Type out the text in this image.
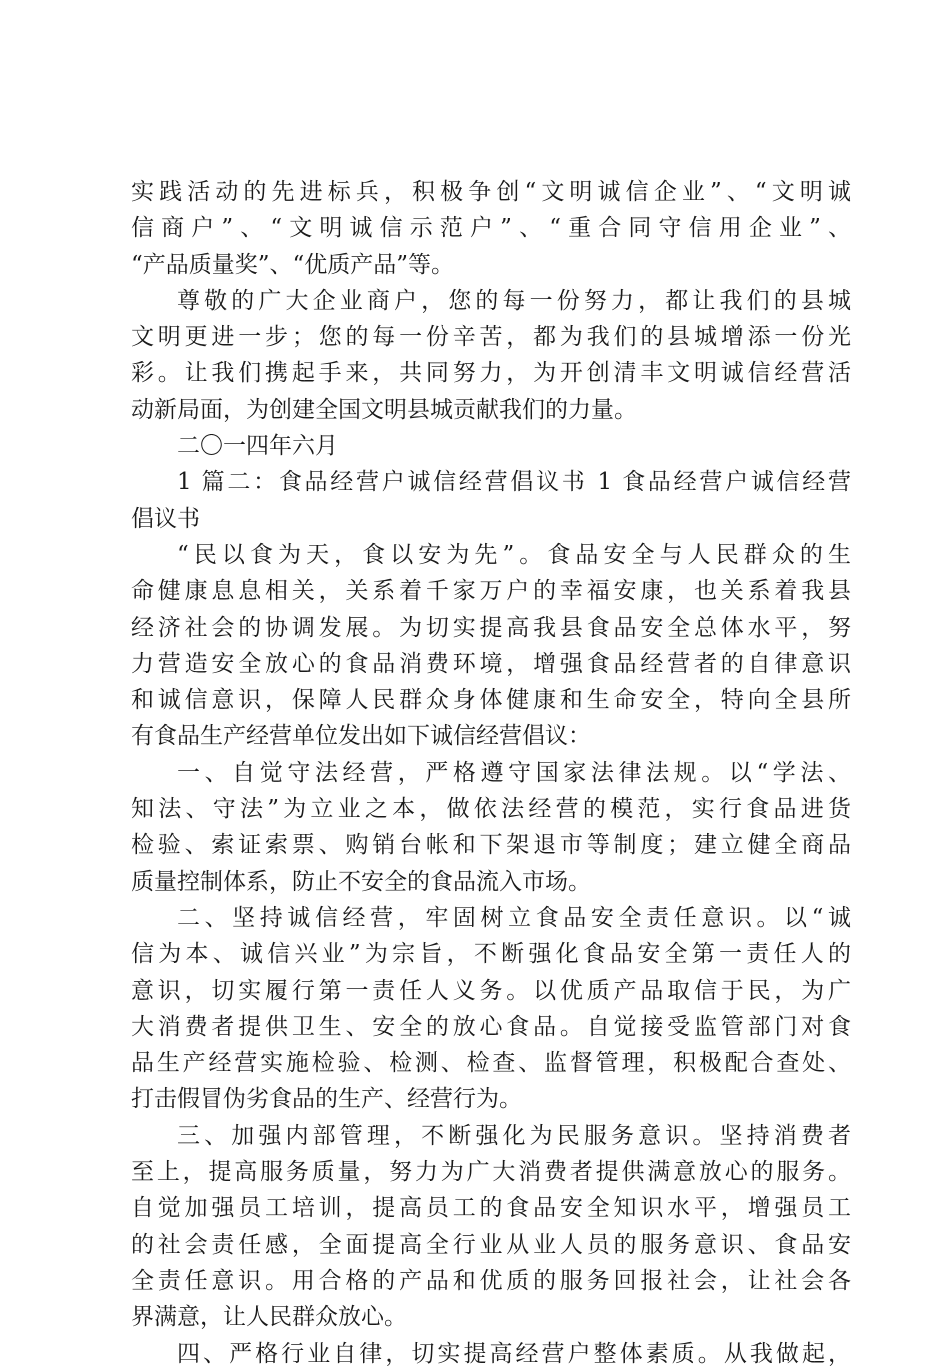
实践活动的先进标兵，积极争创“文明诚信企业”、“文明诚
信商户”、“文明诚信示范户”、“重合同守信用企业”、
“产品质量奖”、“优质产品”等。
尊敬的广大企业商户，您的每一份努力，都让我们的县城
文明更进一步；您的每一份辛苦，都为我们的县城增添一份光
彩。让我们携起手来，共同努力，为开创清丰文明诚信经营活
动新局面，为创建全国文明县城贡献我们的力量。
二〇一四年六月
1 篇二：食品经营户诚信经营倡议书 1 食品经营户诚信经营
倡议书
“民以食为天，食以安为先”。食品安全与人民群众的生
命健康息息相关，关系着千家万户的幸福安康，也关系着我县
经济社会的协调发展。为切实提高我县食品安全总体水平，努
力营造安全放心的食品消费环境，增强食品经营者的自律意识
和诚信意识，保障人民群众身体健康和生命安全，特向全县所
有食品生产经营单位发出如下诚信经营倡议：
一、自觉守法经营，严格遵守国家法律法规。以“学法、
知法、守法”为立业之本，做依法经营的模范，实行食品进货
检验、索证索票、购销台帐和下架退市等制度；建立健全商品
质量控制体系，防止不安全的食品流入市场。
二、坚持诚信经营，牢固树立食品安全责任意识。以“诚
信为本、诚信兴业”为宗旨，不断强化食品安全第一责任人的
意识，切实履行第一责任人义务。以优质产品取信于民，为广
大消费者提供卫生、安全的放心食品。自觉接受监管部门对食
品生产经营实施检验、检测、检查、监督管理，积极配合查处、
打击假冒伪劣食品的生产、经营行为。
三、加强内部管理，不断强化为民服务意识。坚持消费者
至上，提高服务质量，努力为广大消费者提供满意放心的服务。
自觉加强员工培训，提高员工的食品安全知识水平，增强员工
的社会责任感，全面提高全行业从业人员的服务意识、食品安
全责任意识。用合格的产品和优质的服务回报社会，让社会各
界满意，让人民群众放心。
四、严格行业自律，切实提高经营户整体素质。从我做起，
